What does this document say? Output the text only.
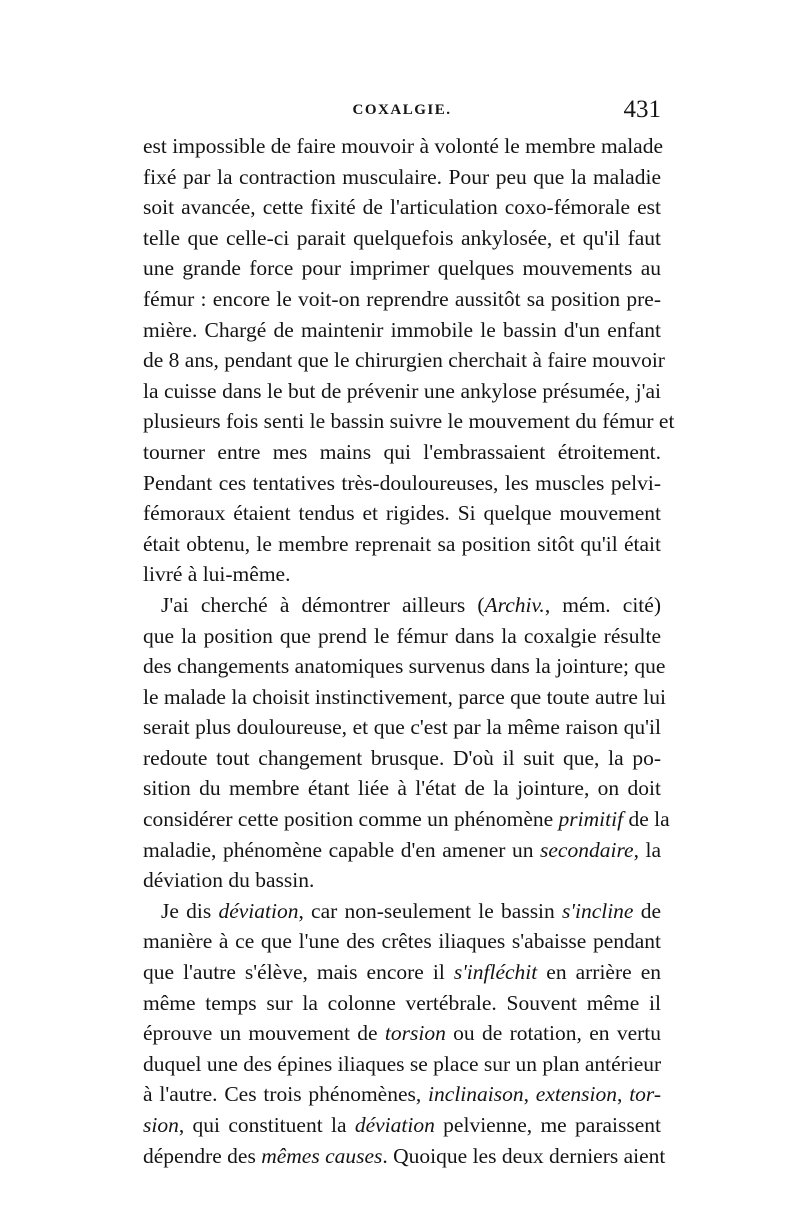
COXALGIE.	431
est impossible de faire mouvoir à volonté le membre malade
fixé par la contraction musculaire. Pour peu que la maladie
soit avancée, cette fixité de l'articulation coxo-fémorale est
telle que celle-ci parait quelquefois ankylosée, et qu'il faut
une grande force pour imprimer quelques mouvements au
fémur : encore le voit-on reprendre aussitôt sa position pre-
mière. Chargé de maintenir immobile le bassin d'un enfant
de 8 ans, pendant que le chirurgien cherchait à faire mouvoir
la cuisse dans le but de prévenir une ankylose présumée, j'ai
plusieurs fois senti le bassin suivre le mouvement du fémur et
tourner entre mes mains qui l'embrassaient étroitement.
Pendant ces tentatives très-douloureuses, les muscles pelvi-
fémoraux étaient tendus et rigides. Si quelque mouvement
était obtenu, le membre reprenait sa position sitôt qu'il était
livré à lui-même.
J'ai cherché à démontrer ailleurs (Archiv., mém. cité)
que la position que prend le fémur dans la coxalgie résulte
des changements anatomiques survenus dans la jointure; que
le malade la choisit instinctivement, parce que toute autre lui
serait plus douloureuse, et que c'est par la même raison qu'il
redoute tout changement brusque. D'où il suit que, la po-
sition du membre étant liée à l'état de la jointure, on doit
considérer cette position comme un phénomène primitif de la
maladie, phénomène capable d'en amener un secondaire, la
déviation du bassin.
Je dis déviation, car non-seulement le bassin s'incline de
manière à ce que l'une des crêtes iliaques s'abaisse pendant
que l'autre s'élève, mais encore il s'infléchit en arrière en
même temps sur la colonne vertébrale. Souvent même il
éprouve un mouvement de torsion ou de rotation, en vertu
duquel une des épines iliaques se place sur un plan antérieur
à l'autre. Ces trois phénomènes, inclinaison, extension, tor-
sion, qui constituent la déviation pelvienne, me paraissent
dépendre des mêmes causes. Quoique les deux derniers aient
